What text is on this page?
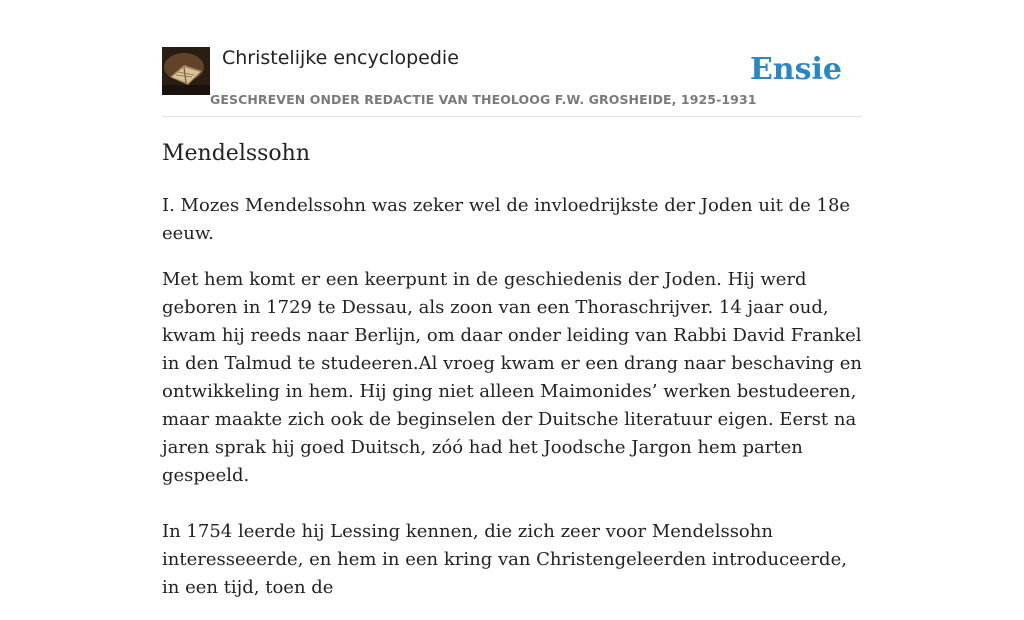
Christelijke encyclopedie
GESCHREVEN ONDER REDACTIE VAN THEOLOOG F.W. GROSHEIDE, 1925-1931
Ensie
Mendelssohn

I. Mozes Mendelssohn was zeker wel de invloedrijkste der Joden uit de 18e eeuw.

Met hem komt er een keerpunt in de geschiedenis der Joden. Hij werd geboren in 1729 te Dessau, als zoon van een Thoraschrijver. 14 jaar oud, kwam hij reeds naar Berlijn, om daar onder leiding van Rabbi David Frankel in den Talmud te studeeren.Al vroeg kwam er een drang naar beschaving en ontwikkeling in hem. Hij ging niet alleen Maimonides’ werken bestudeeren, maar maakte zich ook de beginselen der Duitsche literatuur eigen. Eerst na jaren sprak hij goed Duitsch, zóó had het Joodsche Jargon hem parten gespeeld.

In 1754 leerde hij Lessing kennen, die zich zeer voor Mendelssohn interesseeerde, en hem in een kring van Christengeleerden introduceerde, in een tijd, toen de
